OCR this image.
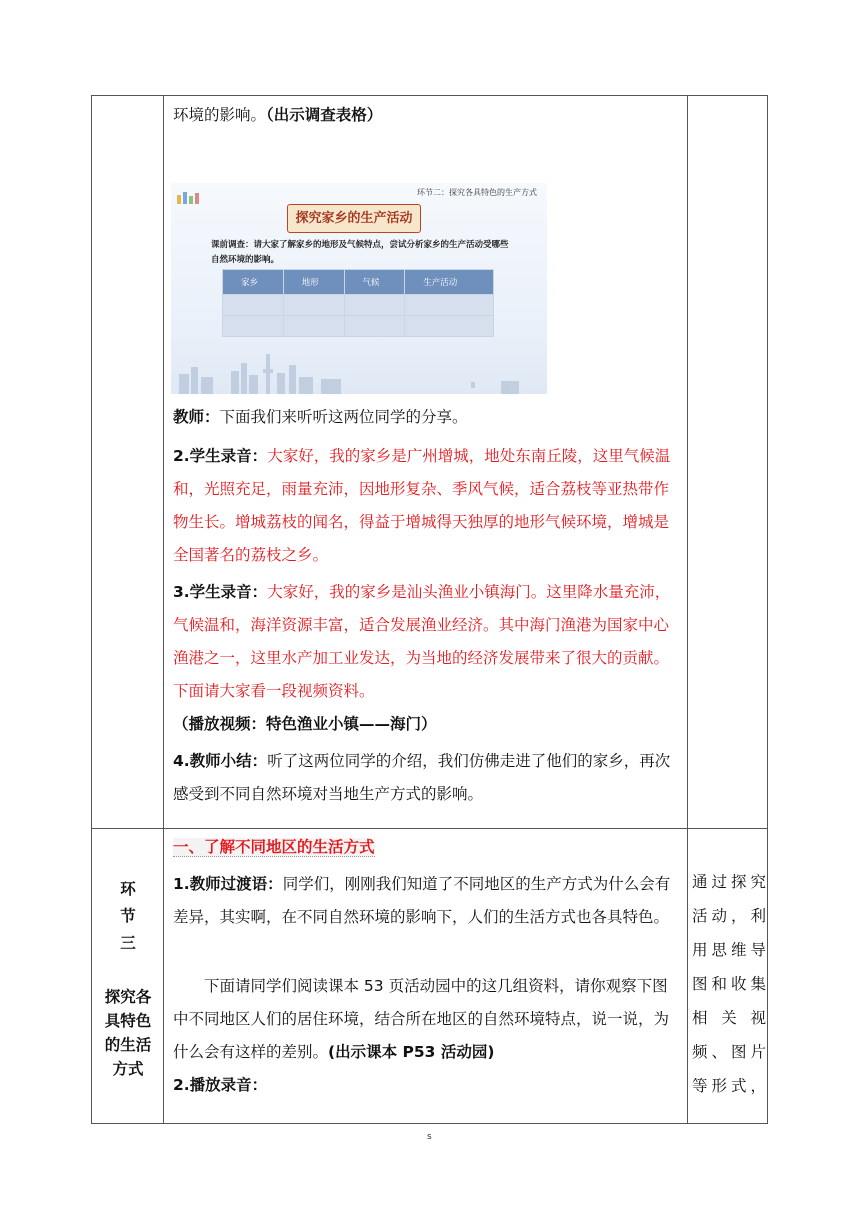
环境的影响。（出示调查表格）
环节二：探究各具特色的生产方式
探究家乡的生产活动
课前调查：请大家了解家乡的地形及气候特点，尝试分析家乡的生产活动受哪些自然环境的影响。
家乡	地形	气候	生产活动

教师：下面我们来听听这两位同学的分享。

2.学生录音：大家好，我的家乡是广州增城，地处东南丘陵，这里气候温和，光照充足，雨量充沛，因地形复杂、季风气候，适合荔枝等亚热带作物生长。增城荔枝的闻名，得益于增城得天独厚的地形气候环境，增城是全国著名的荔枝之乡。

3.学生录音：大家好，我的家乡是汕头渔业小镇海门。这里降水量充沛，气候温和，海洋资源丰富，适合发展渔业经济。其中海门渔港为国家中心渔港之一，这里水产加工业发达，为当地的经济发展带来了很大的贡献。下面请大家看一段视频资料。

（播放视频：特色渔业小镇——海门）

4.教师小结：听了这两位同学的介绍，我们仿佛走进了他们的家乡，再次感受到不同自然环境对当地生产方式的影响。

环
节
三
探究各
具特色
的生活
方式
一、了解不同地区的生活方式

1.教师过渡语：同学们，刚刚我们知道了不同地区的生产方式为什么会有差异，其实啊，在不同自然环境的影响下，人们的生活方式也各具特色。

下面请同学们阅读课本 53 页活动园中的这几组资料，请你观察下图中不同地区人们的居住环境，结合所在地区的自然环境特点，说一说，为什么会有这样的差别。(出示课本 P53 活动园)

2.播放录音：
通过探究活动，利用思维导图和收集相关视频、图片等形式，
s
